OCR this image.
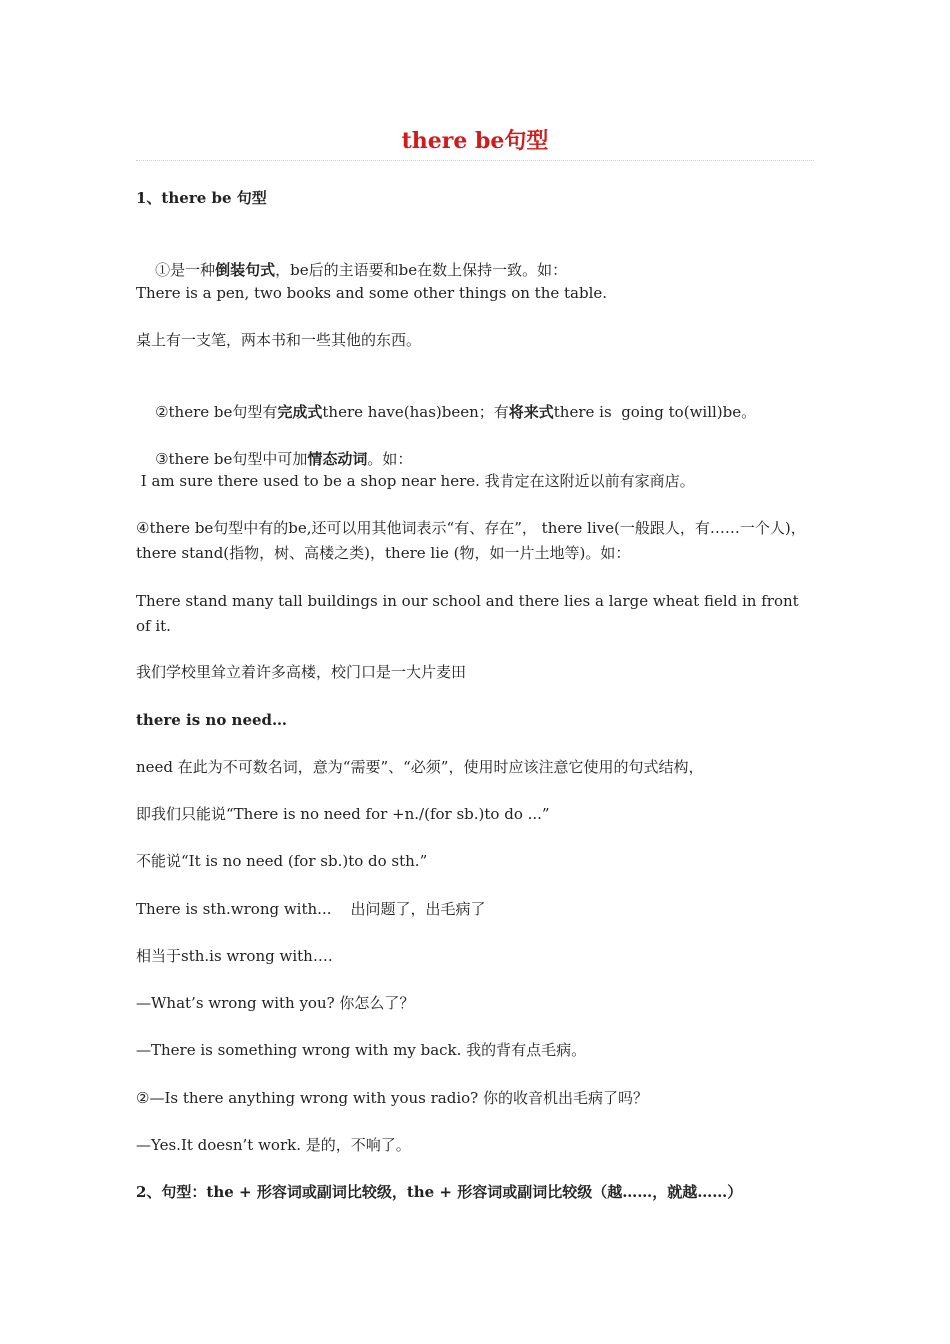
there be句型
1、there be 句型

①是一种倒装句式，be后的主语要和be在数上保持一致。如：

There is a pen, two books and some other things on the table.
桌上有一支笔，两本书和一些其他的东西。

②there be句型有完成式there have(has)been；有将来式there is  going to(will)be。

③there be句型中可加情态动词。如：

I am sure there used to be a shop near here. 我肯定在这附近以前有家商店。
④there be句型中有的be,还可以用其他词表示“有、存在”， there live(一般跟人，有……一个人)，there stand(指物，树、高楼之类)，there lie (物，如一片土地等)。如：
There stand many tall buildings in our school and there lies a large wheat field in front of it.
我们学校里耸立着许多高楼，校门口是一大片麦田
there is no need…
need 在此为不可数名词，意为“需要”、“必须”，使用时应该注意它使用的句式结构，
即我们只能说“There is no need for +n./(for sb.)to do ...”
不能说“It is no need (for sb.)to do sth.”
There is sth.wrong with...    出问题了，出毛病了
相当于sth.is wrong with….
—What’s wrong with you? 你怎么了？
—There is something wrong with my back. 我的背有点毛病。
②—Is there anything wrong with yous radio? 你的收音机出毛病了吗？
—Yes.It doesn’t work. 是的，不响了。
2、句型：the + 形容词或副词比较级，the + 形容词或副词比较级（越……，就越……）
